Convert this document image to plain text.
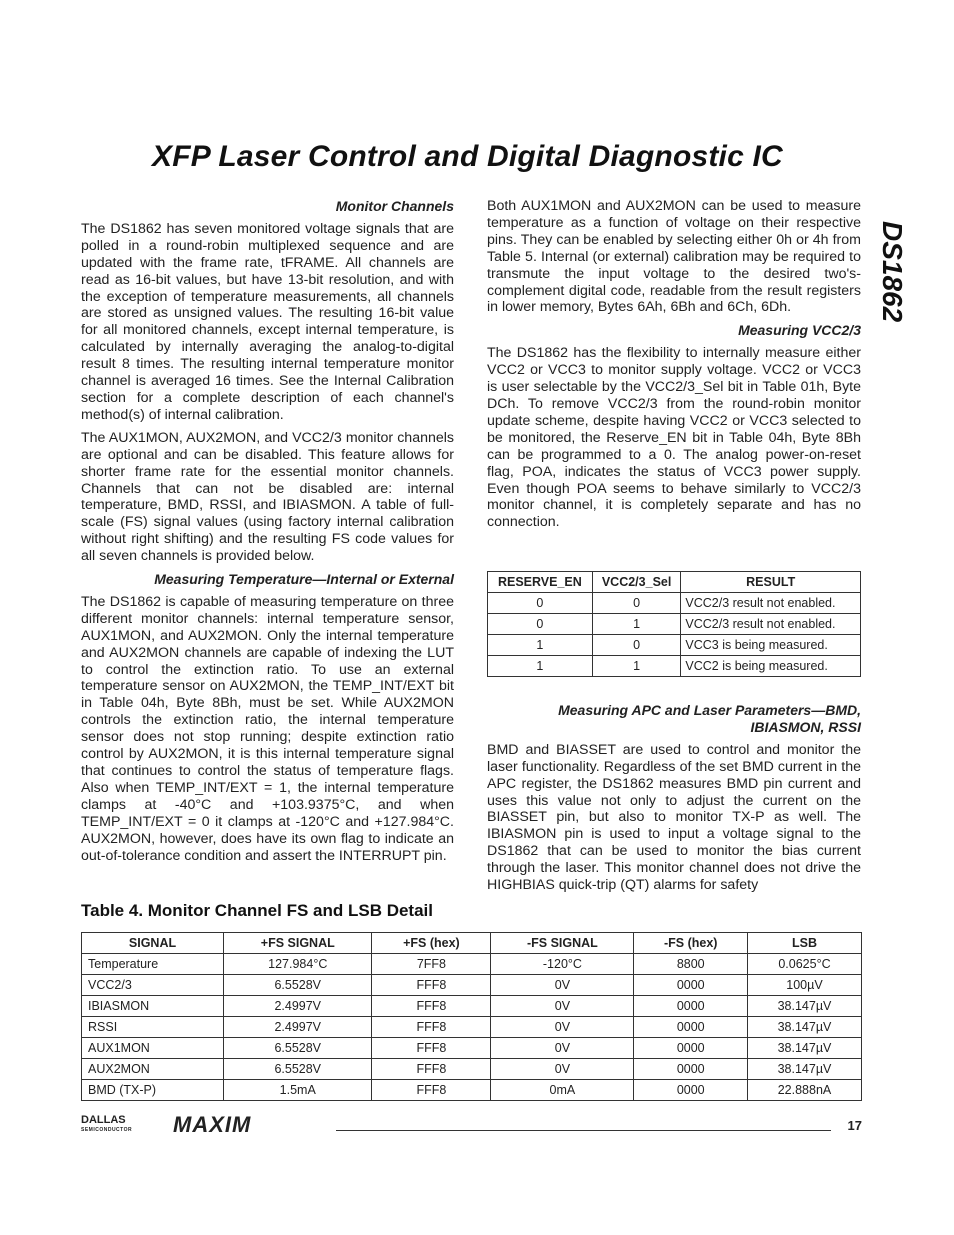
XFP Laser Control and Digital Diagnostic IC
DS1862

Monitor Channels

The DS1862 has seven monitored voltage signals that are polled in a round-robin multiplexed sequence and are updated with the frame rate, tFRAME. All channels are read as 16-bit values, but have 13-bit resolution, and with the exception of temperature measurements, all channels are stored as unsigned values. The resulting 16-bit value for all monitored channels, except internal temperature, is calculated by internally averaging the analog-to-digital result 8 times. The resulting internal temperature monitor channel is averaged 16 times. See the Internal Calibration section for a complete description of each channel's method(s) of internal calibration.

The AUX1MON, AUX2MON, and VCC2/3 monitor channels are optional and can be disabled. This feature allows for shorter frame rate for the essential monitor channels. Channels that can not be disabled are: internal temperature, BMD, RSSI, and IBIASMON. A table of full-scale (FS) signal values (using factory internal calibration without right shifting) and the resulting FS code values for all seven channels is provided below.

Measuring Temperature—Internal or External

The DS1862 is capable of measuring temperature on three different monitor channels: internal temperature sensor, AUX1MON, and AUX2MON. Only the internal temperature and AUX2MON channels are capable of indexing the LUT to control the extinction ratio. To use an external temperature sensor on AUX2MON, the TEMP_INT/EXT bit in Table 04h, Byte 8Bh, must be set. While AUX2MON controls the extinction ratio, the internal temperature sensor does not stop running; despite extinction ratio control by AUX2MON, it is this internal temperature signal that continues to control the status of temperature flags. Also when TEMP_INT/EXT = 1, the internal temperature clamps at -40°C and +103.9375°C, and when TEMP_INT/EXT = 0 it clamps at -120°C and +127.984°C. AUX2MON, however, does have its own flag to indicate an out-of-tolerance condition and assert the INTERRUPT pin.

Both AUX1MON and AUX2MON can be used to measure temperature as a function of voltage on their respective pins. They can be enabled by selecting either 0h or 4h from Table 5. Internal (or external) calibration may be required to transmute the input voltage to the desired two's-complement digital code, readable from the result registers in lower memory, Bytes 6Ah, 6Bh and 6Ch, 6Dh.

Measuring VCC2/3

The DS1862 has the flexibility to internally measure either VCC2 or VCC3 to monitor supply voltage. VCC2 or VCC3 is user selectable by the VCC2/3_Sel bit in Table 01h, Byte DCh. To remove VCC2/3 from the round-robin monitor update scheme, despite having VCC2 or VCC3 selected to be monitored, the Reserve_EN bit in Table 04h, Byte 8Bh can be programmed to a 0. The analog power-on-reset flag, POA, indicates the status of VCC3 power supply. Even though POA seems to behave similarly to VCC2/3 monitor channel, it is completely separate and has no connection.

RESERVE_EN	VCC2/3_Sel	RESULT
0	0	VCC2/3 result not enabled.
0	1	VCC2/3 result not enabled.
1	0	VCC3 is being measured.
1	1	VCC2 is being measured.

Measuring APC and Laser Parameters—BMD,

IBIASMON, RSSI

BMD and BIASSET are used to control and monitor the laser functionality. Regardless of the set BMD current in the APC register, the DS1862 measures BMD pin current and uses this value not only to adjust the current on the BIASSET pin, but also to monitor TX-P as well. The IBIASMON pin is used to input a voltage signal to the DS1862 that can be used to monitor the bias current through the laser. This monitor channel does not drive the HIGHBIAS quick-trip (QT) alarms for safety

Table 4. Monitor Channel FS and LSB Detail
SIGNAL	+FS SIGNAL	+FS (hex)	-FS SIGNAL	-FS (hex)	LSB
Temperature	127.984°C	7FF8	-120°C	8800	0.0625°C
VCC2/3	6.5528V	FFF8	0V	0000	100µV
IBIASMON	2.4997V	FFF8	0V	0000	38.147µV
RSSI	2.4997V	FFF8	0V	0000	38.147µV
AUX1MON	6.5528V	FFF8	0V	0000	38.147µV
AUX2MON	6.5528V	FFF8	0V	0000	38.147µV
BMD (TX-P)	1.5mA	FFF8	0mA	0000	22.888nA
DALLAS
SEMICONDUCTOR MAXIM	17
